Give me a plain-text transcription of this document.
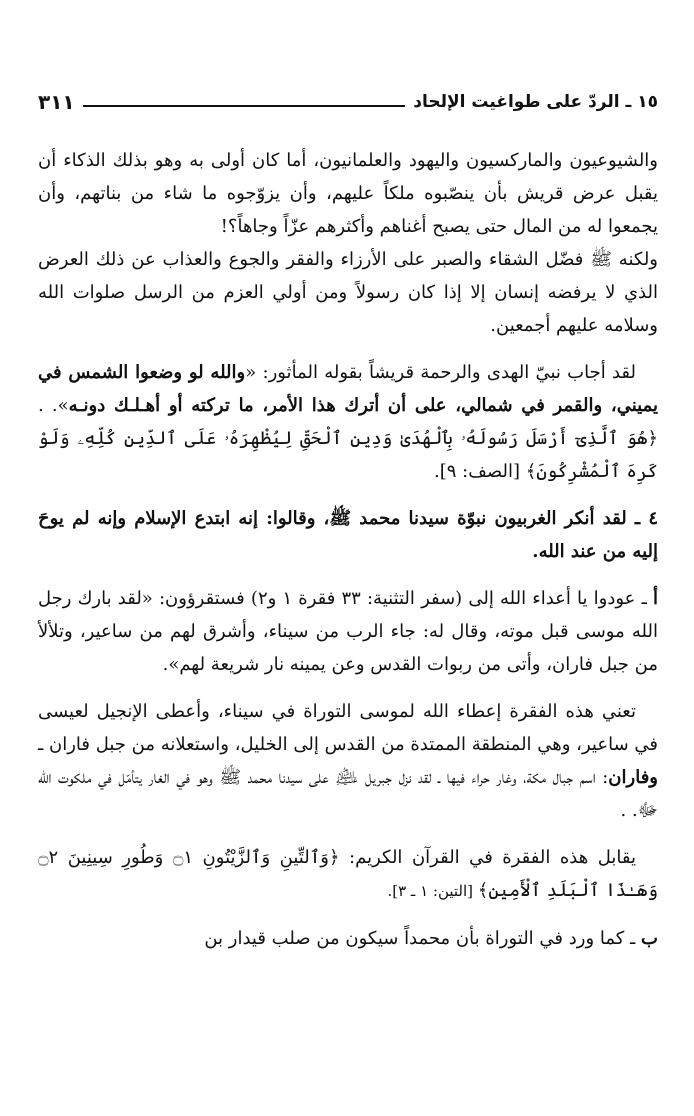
١٥ ـ الردّ على طواغيت الإلحاد
٣١١

والشيوعيون والماركسيون واليهود والعلمانيون، أما كان أولى به وهو بذلك الذكاء أن يقبل عرض قريش بأن ينصّبوه ملكاً عليهم، وأن يزوّجوه ما شاء من بناتهم، وأن يجمعوا له من المال حتى يصبح أغناهم وأكثرهم عزّاً وجاهاً؟!

ولكنه ﷺ فضّل الشقاء والصبر على الأرزاء والفقر والجوع والعذاب عن ذلك العرض الذي لا يرفضه إنسان إلا إذا كان رسولاً ومن أولي العزم من الرسل صلوات الله وسلامه عليهم أجمعين.

لقد أجاب نبيّ الهدى والرحمة قريشاً بقوله المأثور: «والله لو وضعوا الشمس في يميني، والقمر في شمالي، على أن أترك هذا الأمر، ما تركته أو أهـلـك دونـه». . ﴿هُوَ ٱلَّذِىٓ أَرْسَلَ رَسُولَهُۥ بِٱلْهُدَىٰ وَدِينِ ٱلْحَقِّ لِيُظْهِرَهُۥ عَلَى ٱلدِّينِ كُلِّهِۦ وَلَوْ كَرِهَ ٱلْمُشْرِكُونَ﴾ [الصف: ٩].

٤ ـ لقد أنكر الغربيون نبوّة سيدنا محمد ﷺ، وقالوا: إنه ابتدع الإسلام وإنه لم يوحَ إليه من عند الله.

أ ـ عودوا يا أعداء الله إلى (سفر التثنية: ٣٣ فقرة ١ و٢) فستقرؤون: «لقد بارك رجل الله موسى قبل موته، وقال له: جاء الرب من سيناء، وأشرق لهم من ساعير، وتلألأ من جبل فاران، وأتى من ربوات القدس وعن يمينه نار شريعة لهم».

تعني هذه الفقرة إعطاء الله لموسى التوراة في سيناء، وأعطى الإنجيل لعيسى في ساعير، وهي المنطقة الممتدة من القدس إلى الخليل، واستعلانه من جبل فاران ـ وفاران: اسم جبال مكة، وغار حراء فيها ـ لقد نزل جبريل ﵇ على سيدنا محمد ﷺ وهو في الغار يتأمّل في ملكوت الله ﷻ. .

يقابل هذه الفقرة في القرآن الكريم: ﴿وَٱلتِّينِ وَٱلزَّيْتُونِ ۝١ وَطُورِ سِينِينَ ۝٢ وَهَـٰذَا ٱلْبَلَدِ ٱلْأَمِينِ﴾ [التين: ١ ـ ٣].

ب ـ كما ورد في التوراة بأن محمداً سيكون من صلب قيدار بن
